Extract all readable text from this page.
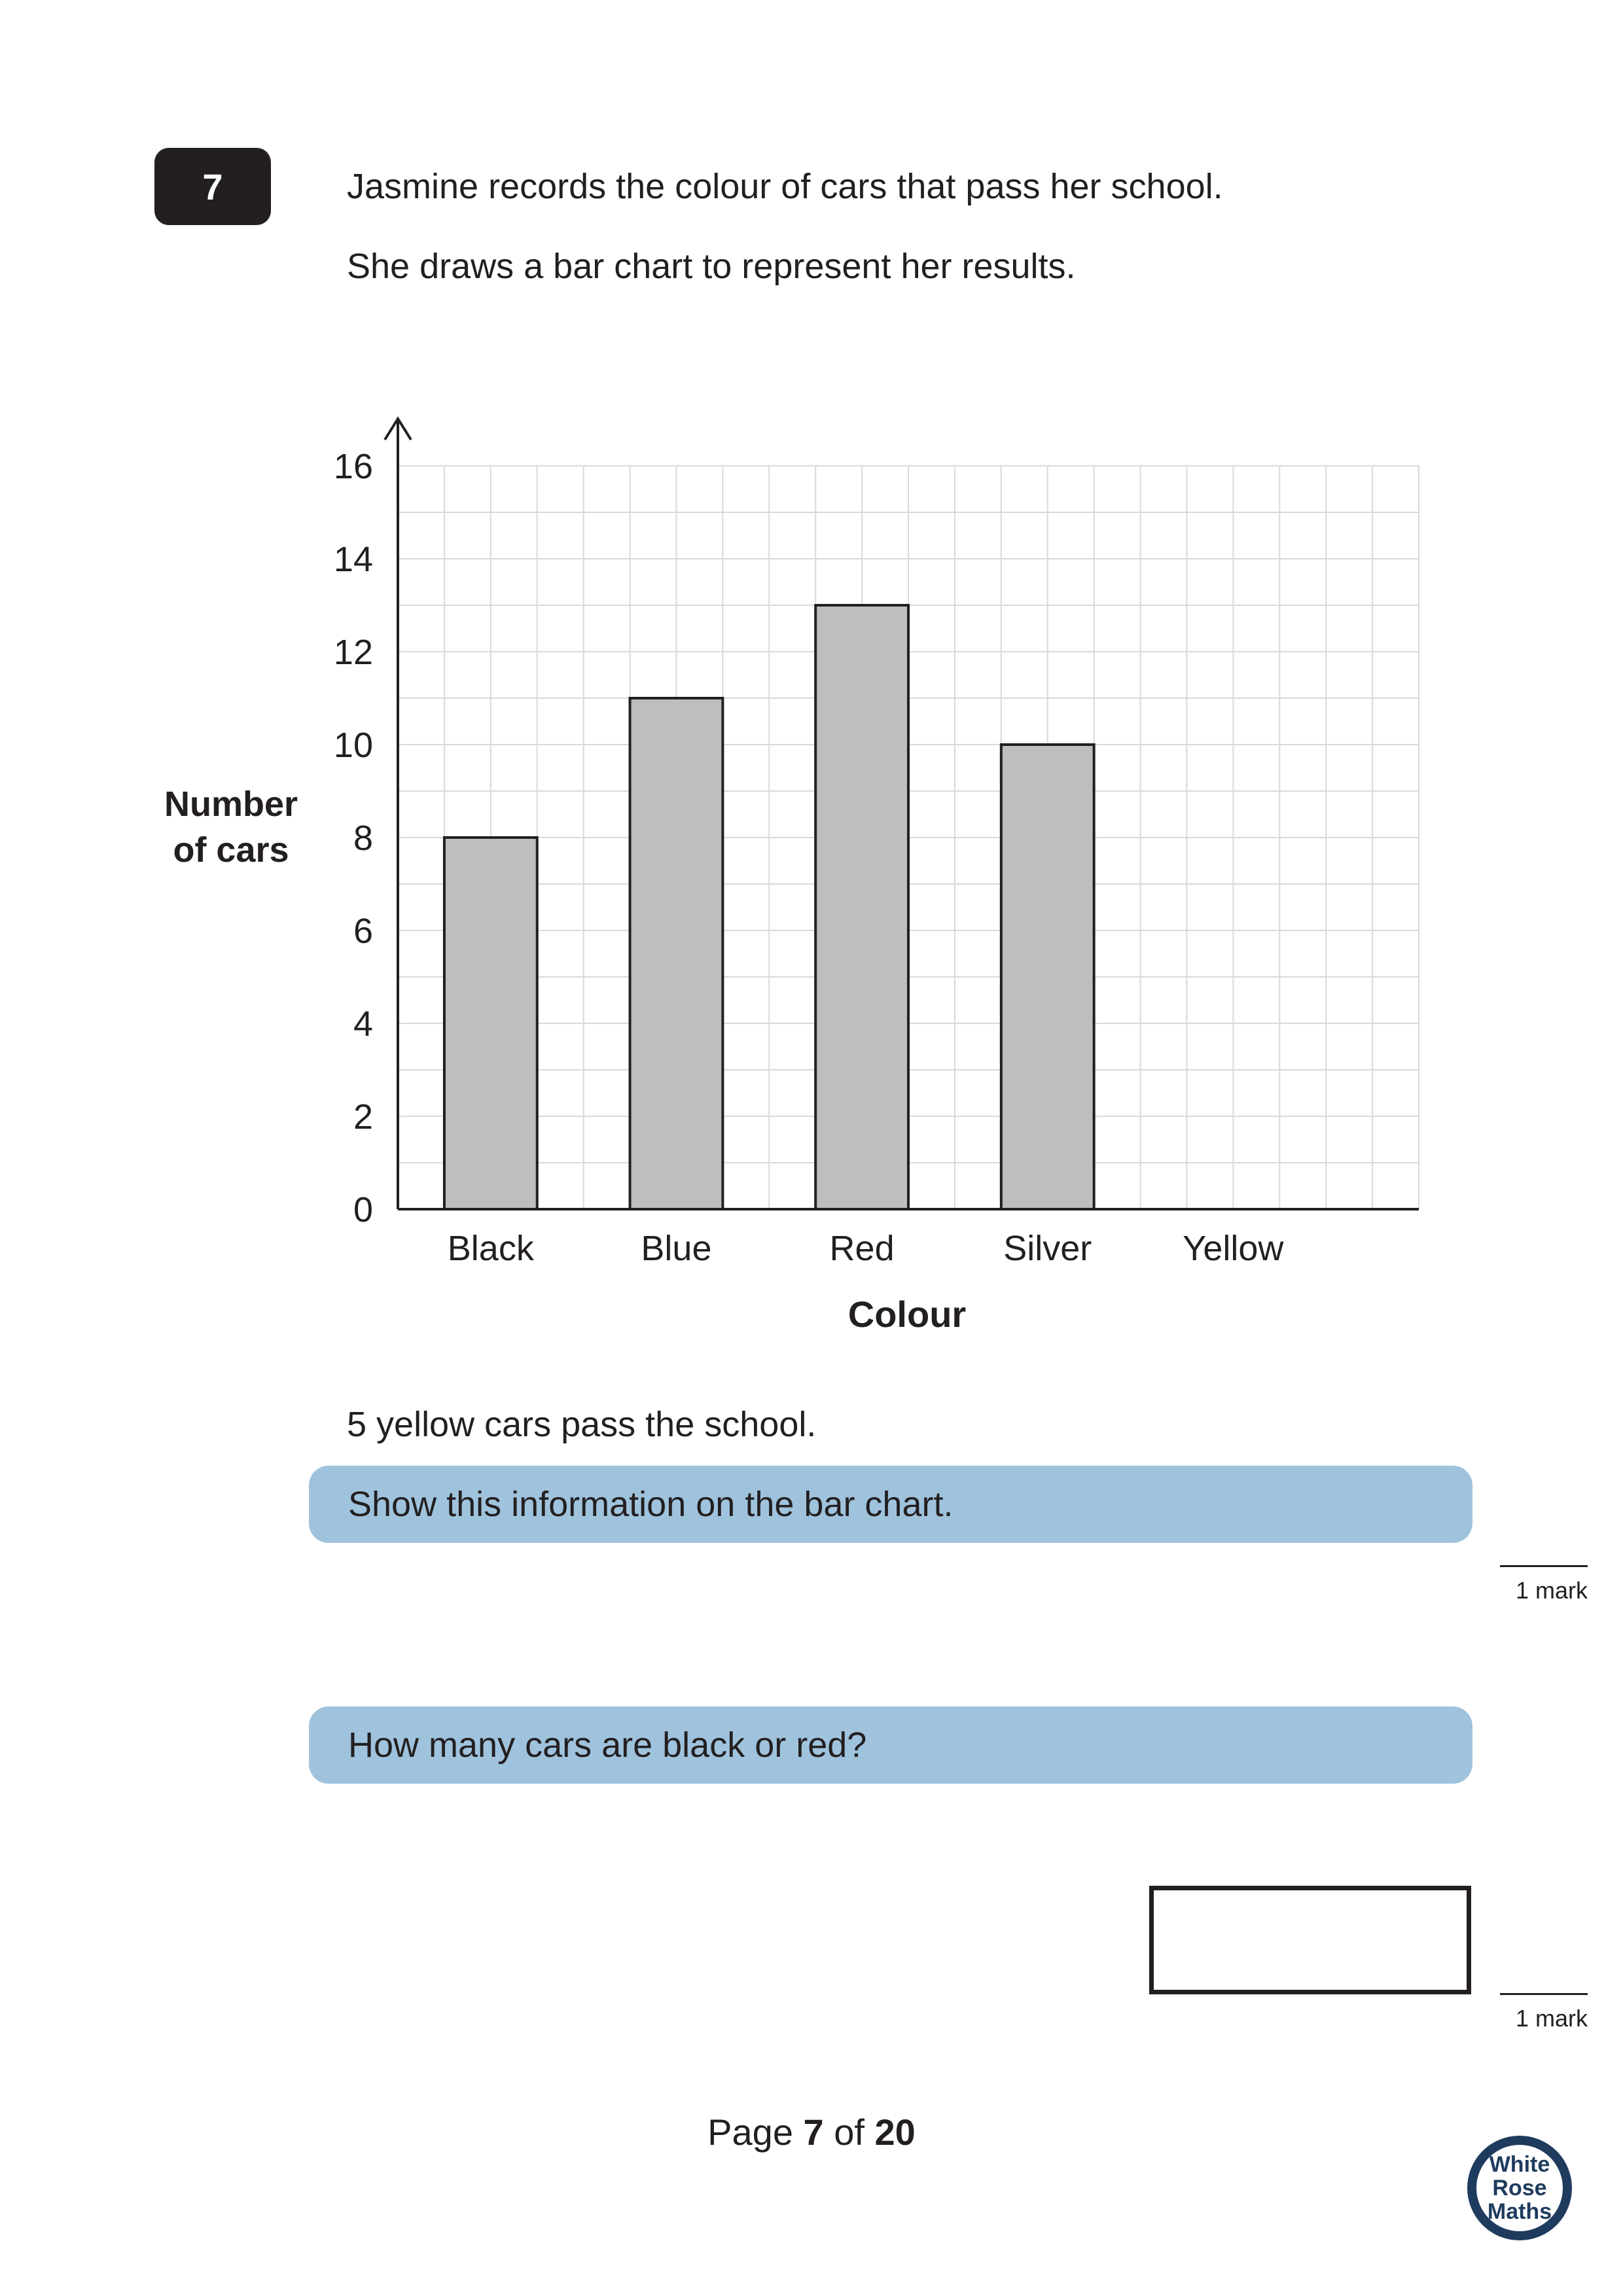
7	Jasmine records the colour of cars that pass her school.
She draws a bar chart to represent her results.
Number
of cars
Black	Blue	Red	Silver	Yellow
0
2
4
6
8
10
12
14
16
Colour
5 yellow cars pass the school.
Show this information on the bar chart.
1 mark
How many cars are black or red?
1 mark
Page 7 of 20
White
Rose
Maths
